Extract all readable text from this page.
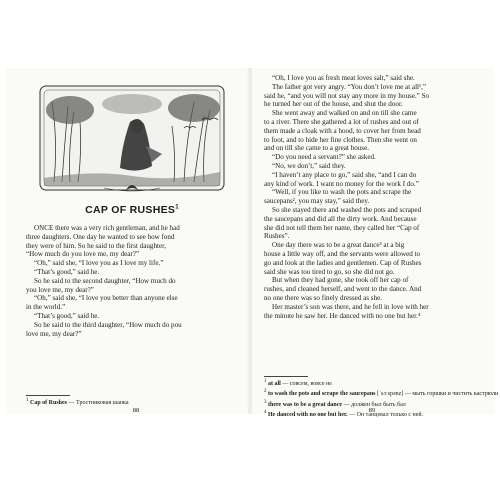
CAP OF RUSHES$^1$
ONCE there was a very rich gentleman, and he had
three daughters. One day he wanted to see how fond
they were of him. So he said to the first daughter,
“How much do you love me, my dear?”
“Oh,” said she, “I love you as I love my life.”
“That’s good,” said he.
So he said to the second daughter, “How much do
you love me, my dear?”
“Oh,” said she, “I love you better than anyone else
in the world.”
“That’s good,” said he.
So he said to the third daughter, “How much do pou
love me, my dear?”
$^1$ Cap of Rushes — Тростниковая шапка
88
“Oh, I love you as fresh meat loves salt,” said she.
The father got very angry. “You don’t love me at all¹,”
said he, “and you will not stay any more in my house.” So
he turned her out of the house, and shut the door.
She went away and walked on and on till she came
to a river. There she gathered a lot of rushes and out of
them made a cloak with a hood, to cover her from head
to foot, and to hide her fine clothes. Then she went on
and on till she came to a great house.
“Do you need a servant?” she asked.
“No, we don’t,” said they.
“I haven’t any place to go,” said she, “and I can do
any kind of work. I want no money for the work I do.”
“Well, if you like to wash the pots and scrape the
saucepans², you may stay,” said they.
So she stayed there and washed the pots and scraped
the saucepans and did all the dirty work. And because
she did not tell them her name, they called her “Cap of
Rushes”.
One day there was to be a great dance³ at a big
house a little way off, and the servants were allowed to
go and look at the ladies and gentlemen. Cap of Rushes
said she was too tired to go, so she did not go.
But when they had gone, she took off her cap of
rushes, and cleaned herself, and went to the dance. And
no one there was so finely dressed as she.
Her master’s son was there, and he fell in love with her
the minute he saw her. He danced with no one but her.⁴
$^1$ at all — совсем, вовсе не
$^2$ to wash the pots and scrape the saucepans [ˈsɔːspənz] — мыть горшки и чистить кастрюли
$^3$ there was to be a great dance — должен был быть бал
$^4$ He danced with no one but her. — Он танцевал только с ней.
89
